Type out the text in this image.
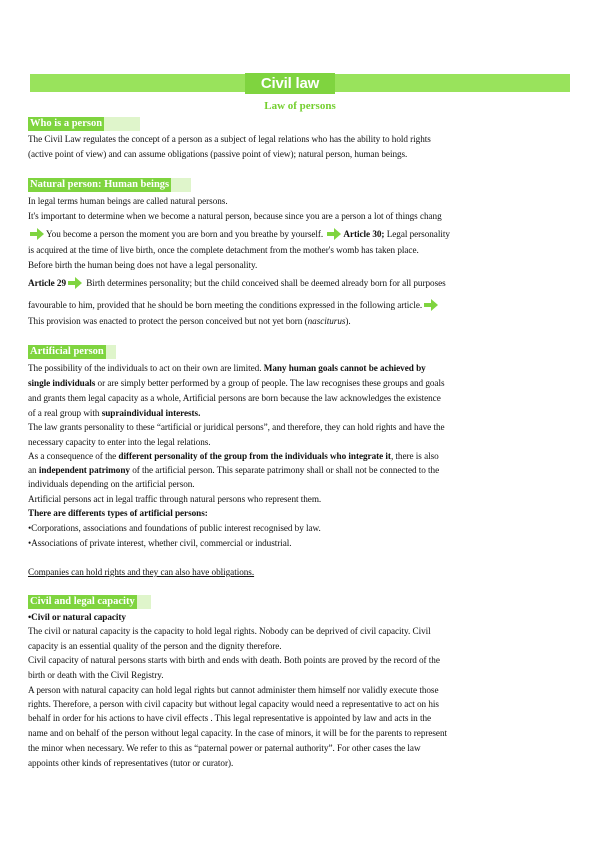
Civil law
Law of persons
Who is a person
The Civil Law regulates the concept of a person as a subject of legal relations who has the ability to hold rights
(active point of view) and can assume obligations (passive point of view); natural person, human beings.
Natural person: Human beings
In legal terms human beings are called natural persons.
It's important to determine when we become a natural person, because since you are a person a lot of things chang
You become a person the moment you are born and you breathe by yourself. Article 30; Legal personality
is acquired at the time of live birth, once the complete detachment from the mother's womb has taken place.
Before birth the human being does not have a legal personality.
Article 29 Birth determines personality; but the child conceived shall be deemed already born for all purposes
favourable to him, provided that he should be born meeting the conditions expressed in the following article.
This provision was enacted to protect the person conceived but not yet born (nasciturus).
Artificial person
The possibility of the individuals to act on their own are limited. Many human goals cannot be achieved by
single individuals or are simply better performed by a group of people. The law recognises these groups and goals
and grants them legal capacity as a whole, Artificial persons are born because the law acknowledges the existence
of a real group with supraindividual interests.
The law grants personality to these “artificial or juridical persons”, and therefore, they can hold rights and have the
necessary capacity to enter into the legal relations.
As a consequence of the different personality of the group from the individuals who integrate it, there is also
an independent patrimony of the artificial person. This separate patrimony shall or shall not be connected to the
individuals depending on the artificial person.
Artificial persons act in legal traffic through natural persons who represent them.
There are differents types of artificial persons:
•Corporations, associations and foundations of public interest recognised by law.
•Associations of private interest, whether civil, commercial or industrial.
Companies can hold rights and they can also have obligations.
Civil and legal capacity
•Civil or natural capacity
The civil or natural capacity is the capacity to hold legal rights. Nobody can be deprived of civil capacity. Civil
capacity is an essential quality of the person and the dignity therefore.
Civil capacity of natural persons starts with birth and ends with death. Both points are proved by the record of the
birth or death with the Civil Registry.
A person with natural capacity can hold legal rights but cannot administer them himself nor validly execute those
rights. Therefore, a person with civil capacity but without legal capacity would need a representative to act on his
behalf in order for his actions to have civil effects . This legal representative is appointed by law and acts in the
name and on behalf of the person without legal capacity. In the case of minors, it will be for the parents to represent
the minor when necessary. We refer to this as “paternal power or paternal authority”. For other cases the law
appoints other kinds of representatives (tutor or curator).
